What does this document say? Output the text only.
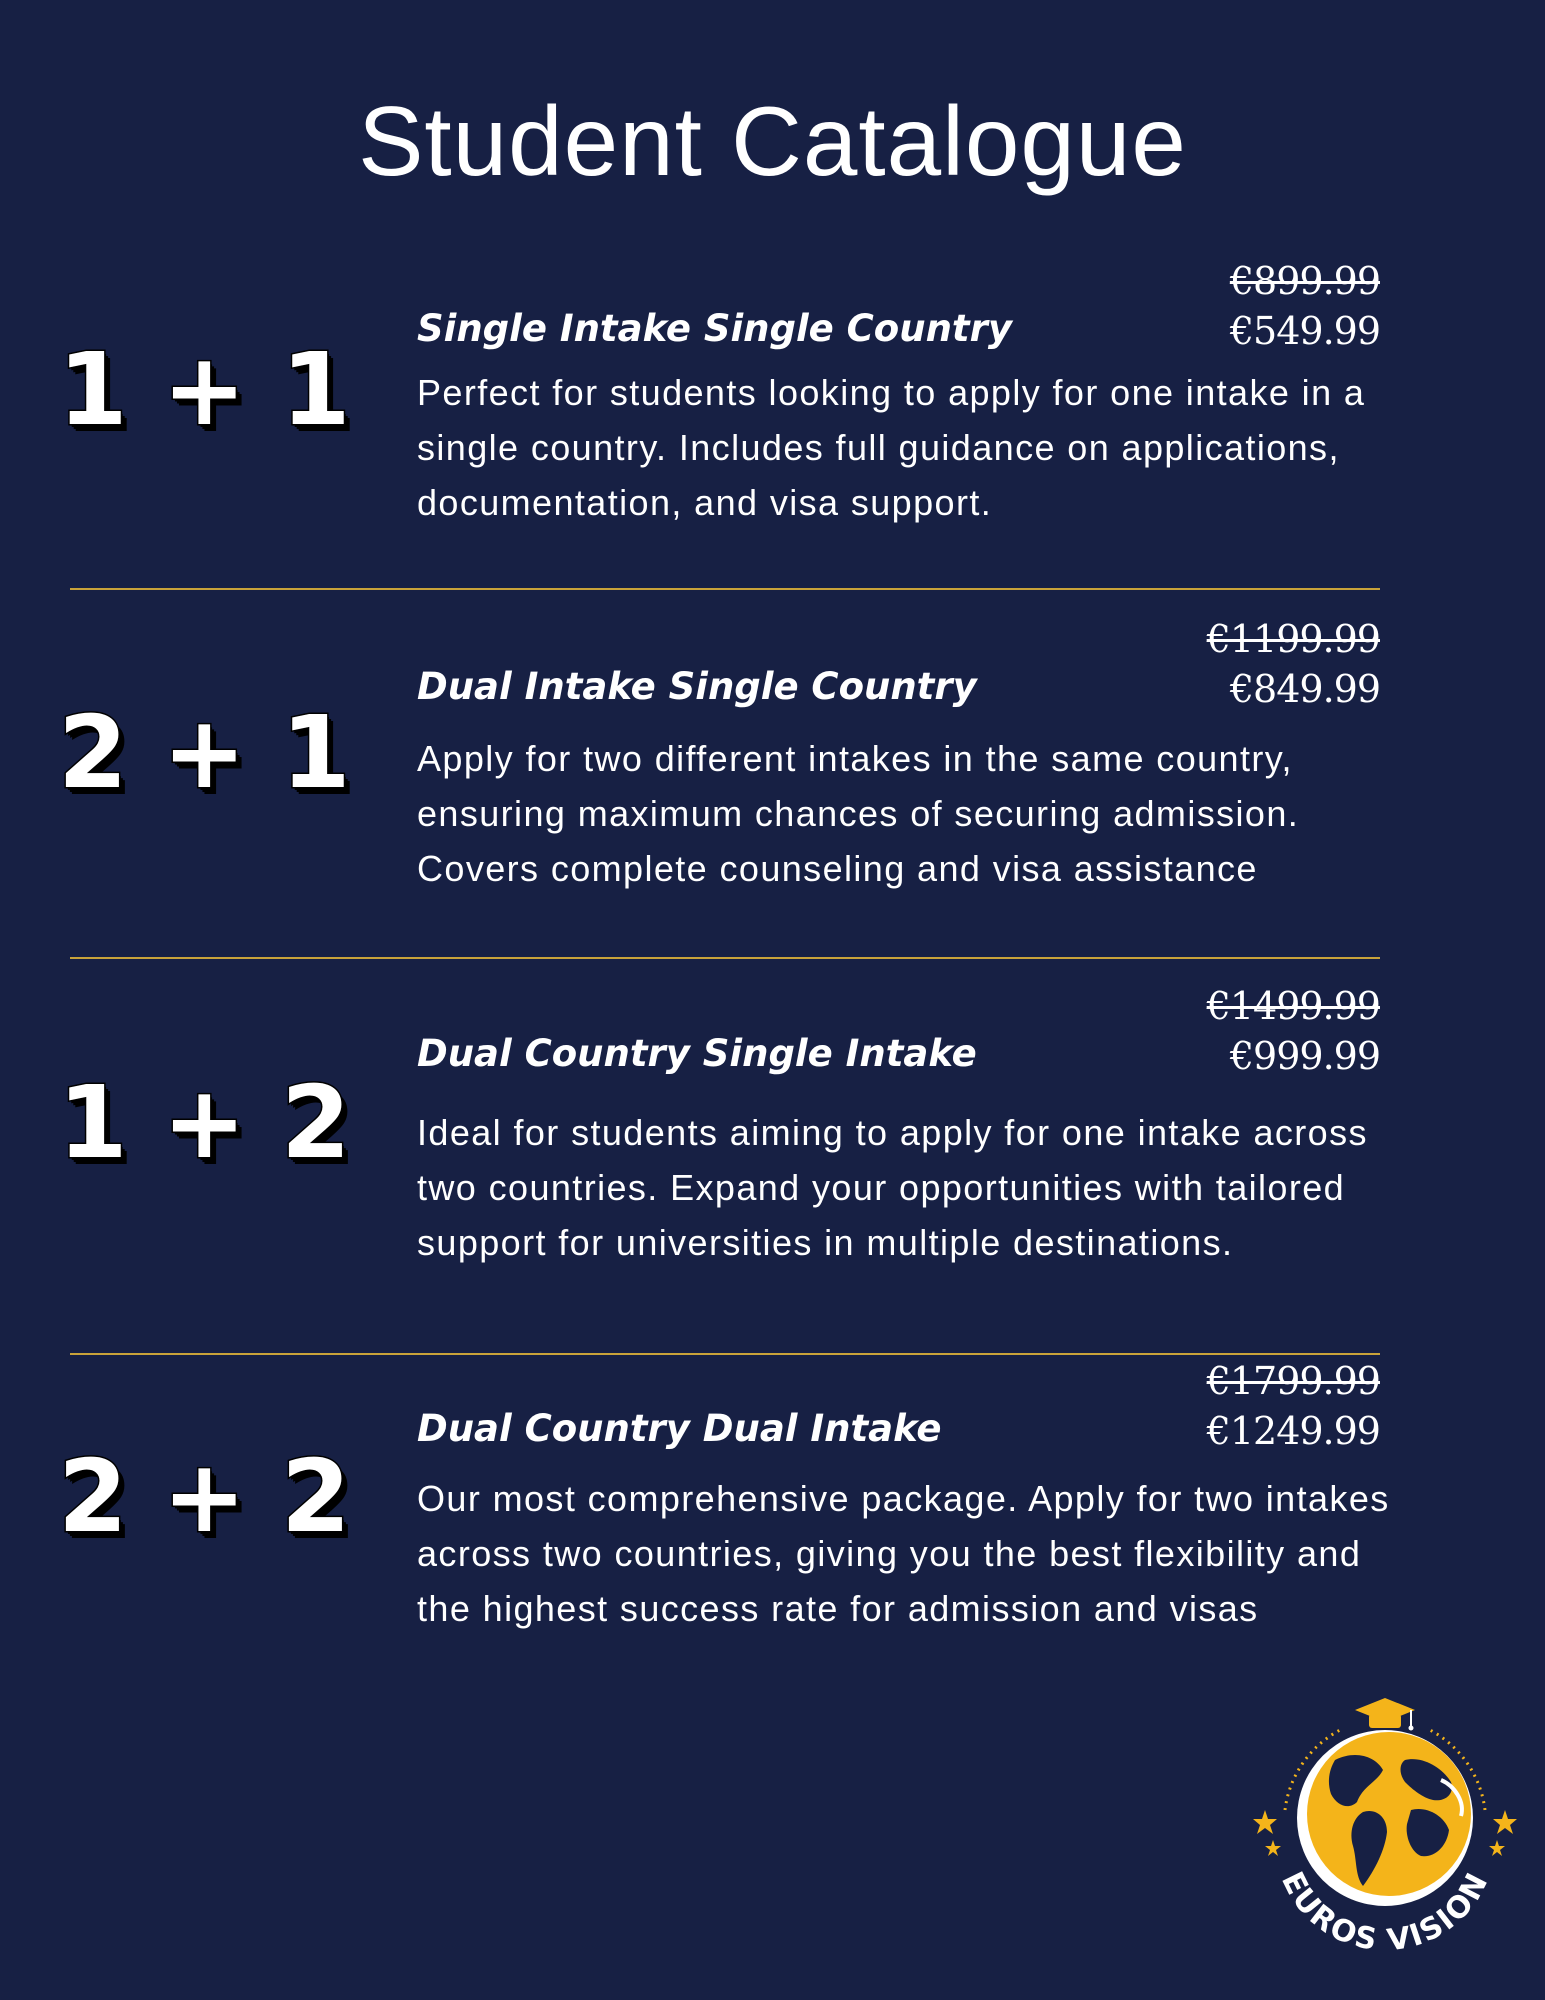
Student Catalogue
€899.99
€549.99
1 + 1
Single Intake Single Country

Perfect for students looking to apply for one intake in a single country. Includes full guidance on applications, documentation, and visa support.

€1199.99
€849.99
2 + 1
Dual Intake Single Country

Apply for two different intakes in the same country, ensuring maximum chances of securing admission. Covers complete counseling and visa assistance

€1499.99
€999.99
1 + 2
Dual Country Single Intake

Ideal for students aiming to apply for one intake across two countries. Expand your opportunities with tailored support for universities in multiple destinations.

€1799.99
€1249.99
2 + 2
Dual Country Dual Intake

Our most comprehensive package. Apply for two intakes across two countries, giving you the best flexibility and the highest success rate for admission and visas

EUROS VISION
